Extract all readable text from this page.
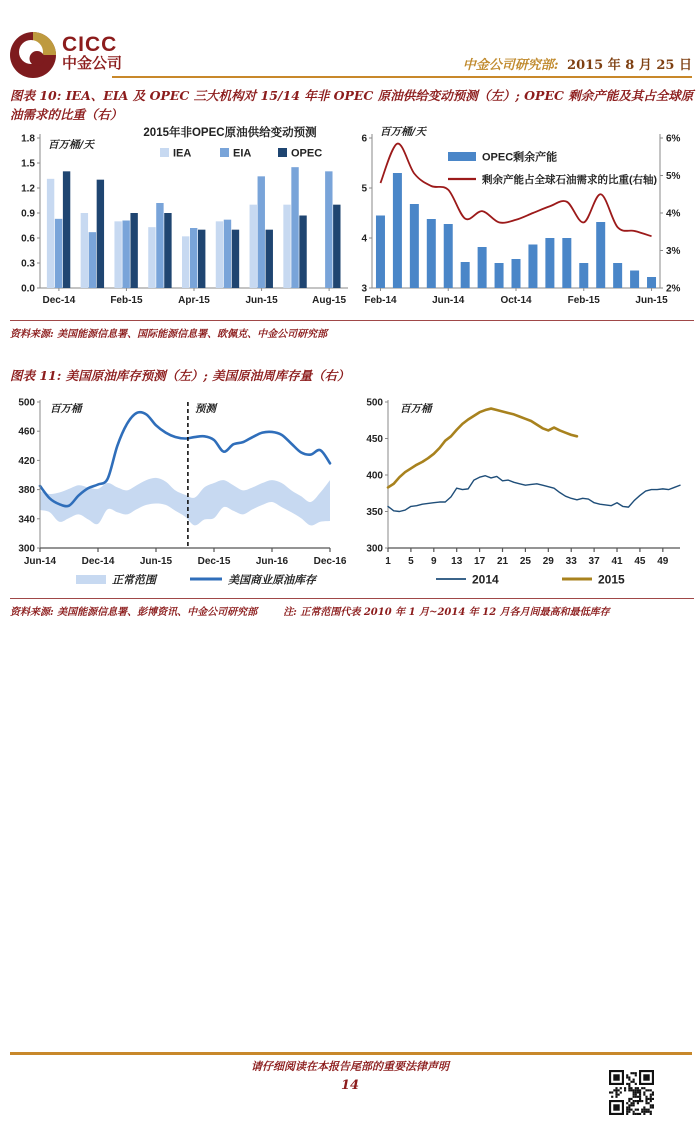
CICC
中金公司	中金公司研究部: 2015 年 8 月 25 日
图表 10: IEA、EIA 及 OPEC 三大机构对 15/14 年非 OPEC 原油供给变动预测（左）; OPEC 剩余产能及其占全球原油需求的比重（右）
0.0
0.3
0.6
0.9
1.2
1.5
1.8 百万桶/天
2015年非OPEC原油供给变动预测
IEA	EIA	OPEC
Dec-14	Feb-15	Apr-15	Jun-15	Aug-15
3
4
5
6
2%
3%
4%
5%
6%
百万桶/天
OPEC剩余产能
剩余产能占全球石油需求的比重(右轴)
Feb-14	Jun-14	Oct-14	Feb-15	Jun-15
资料来源: 美国能源信息署、国际能源信息署、欧佩克、中金公司研究部
图表 11: 美国原油库存预测（左）; 美国原油周库存量（右）
预测
300
340
380
420
460
500 百万桶
Jun-14	Dec-14	Jun-15	Dec-15	Jun-16	Dec-16
正常范围	美国商业原油库存
300
350
400
450
500 百万桶
1 5 9 13 17 21 25 29 33 37 41 45 49
2014	2015
资料来源: 美国能源信息署、彭博资讯、中金公司研究部	注: 正常范围代表 2010 年 1 月~2014 年 12 月各月间最高和最低库存
请仔细阅读在本报告尾部的重要法律声明
14
